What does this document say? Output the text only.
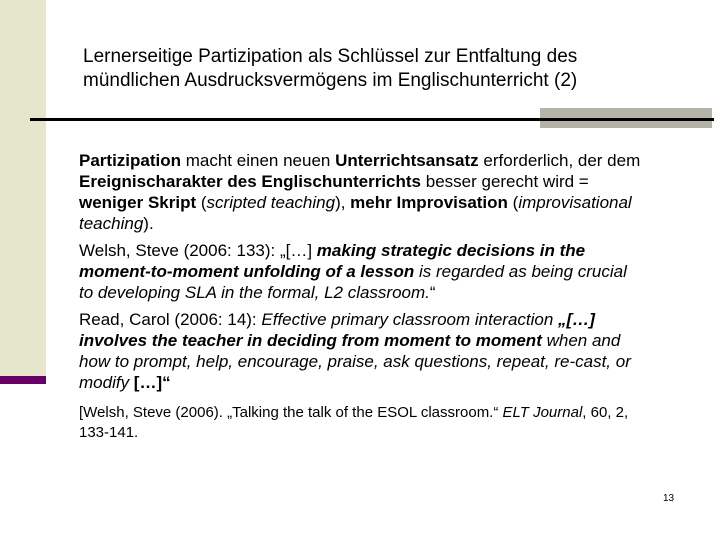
Lernerseitige Partizipation als Schlüssel zur Entfaltung des
mündlichen Ausdrucksvermögens im Englischunterricht (2)
Partizipation macht einen neuen Unterrichtsansatz erforderlich, der dem
Ereignischarakter des Englischunterrichts besser gerecht wird =
weniger Skript (scripted teaching), mehr Improvisation (improvisational
teaching).
Welsh, Steve (2006: 133): „[…] making strategic decisions in the
moment-to-moment unfolding of a lesson is regarded as being crucial
to developing SLA in the formal, L2 classroom.“
Read, Carol (2006: 14): Effective primary classroom interaction „[…]
involves the teacher in deciding from moment to moment when and
how to prompt, help, encourage, praise, ask questions, repeat, re-cast, or
modify […]“
[Welsh, Steve (2006). „Talking the talk of the ESOL classroom.“ ELT Journal, 60, 2,
133-141.
13
